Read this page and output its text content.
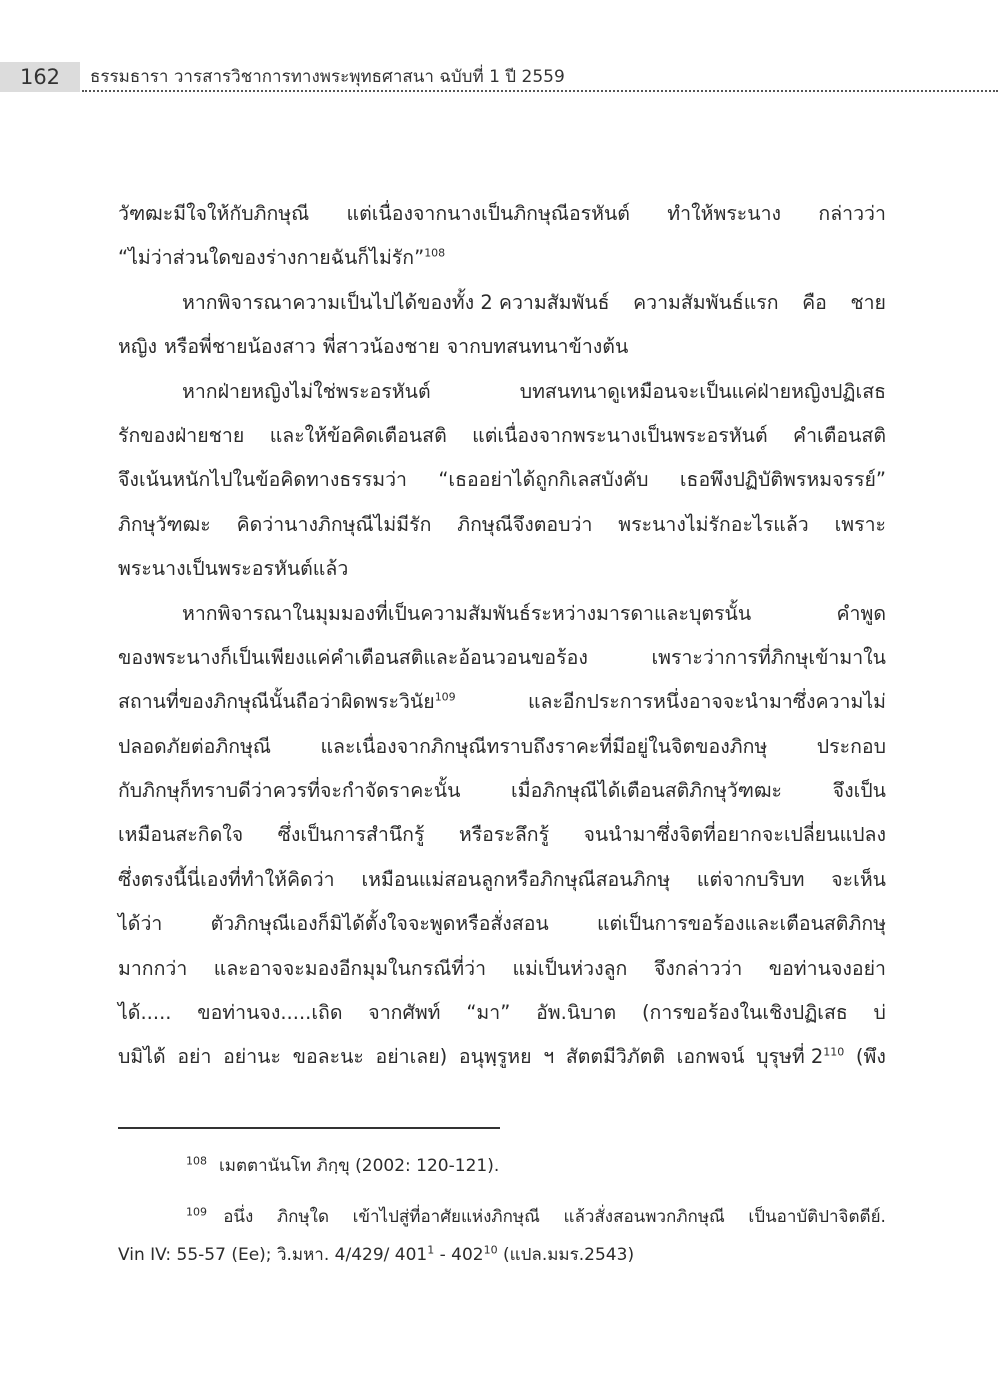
162	ธรรมธารา วารสารวิชาการทางพระพุทธศาสนา ฉบับที่ 1 ปี 2559
วัฑฒะมีใจให้กับภิกษุณี แต่เนื่องจากนางเป็นภิกษุณีอรหันต์ ทำให้พระนาง กล่าวว่า
“ไม่ว่าส่วนใดของร่างกายฉันก็ไม่รัก”$^{108}$
หากพิจารณาความเป็นไปได้ของทั้ง 2 ความสัมพันธ์ ความสัมพันธ์แรก คือ ชาย
หญิง หรือพี่ชายน้องสาว พี่สาวน้องชาย จากบทสนทนาข้างต้น
หากฝ่ายหญิงไม่ใช่พระอรหันต์	บทสนทนาดูเหมือนจะเป็นแค่ฝ่ายหญิงปฏิเสธ
รักของฝ่ายชาย และให้ข้อคิดเตือนสติ แต่เนื่องจากพระนางเป็นพระอรหันต์ คำเตือนสติ
จึงเน้นหนักไปในข้อคิดทางธรรมว่า “เธออย่าได้ถูกกิเลสบังคับ เธอพึงปฏิบัติพรหมจรรย์”
ภิกษุวัฑฒะ คิดว่านางภิกษุณีไม่มีรัก ภิกษุณีจึงตอบว่า พระนางไม่รักอะไรแล้ว เพราะ
พระนางเป็นพระอรหันต์แล้ว
หากพิจารณาในมุมมองที่เป็นความสัมพันธ์ระหว่างมารดาและบุตรนั้น	คำพูด
ของพระนางก็เป็นเพียงแค่คำเตือนสติและอ้อนวอนขอร้อง	เพราะว่าการที่ภิกษุเข้ามาใน
สถานที่ของภิกษุณีนั้นถือว่าผิดพระวินัย$^{109}$	และอีกประการหนึ่งอาจจะนำมาซึ่งความไม่
ปลอดภัยต่อภิกษุณี	และเนื่องจากภิกษุณีทราบถึงราคะที่มีอยู่ในจิตของภิกษุ	ประกอบ
กับภิกษุก็ทราบดีว่าควรที่จะกำจัดราคะนั้น	เมื่อภิกษุณีได้เตือนสติภิกษุวัฑฒะ	จึงเป็น
เหมือนสะกิดใจ ซึ่งเป็นการสำนึกรู้ หรือระลึกรู้ จนนำมาซึ่งจิตที่อยากจะเปลี่ยนแปลง
ซึ่งตรงนี้นี่เองที่ทำให้คิดว่า เหมือนแม่สอนลูกหรือภิกษุณีสอนภิกษุ แต่จากบริบท จะเห็น
ได้ว่า ตัวภิกษุณีเองก็มิได้ตั้งใจจะพูดหรือสั่งสอน แต่เป็นการขอร้องและเตือนสติภิกษุ
มากกว่า และอาจจะมองอีกมุมในกรณีที่ว่า แม่เป็นห่วงลูก จึงกล่าวว่า ขอท่านจงอย่า
ได้..... ขอท่านจง.....เถิด จากศัพท์ “มา” อัพ.นิบาต (การขอร้องในเชิงปฏิเสธ บ่
บมิได้ อย่า อย่านะ ขอละนะ อย่าเลย) อนุพฺรูหย ฯ สัตตมีวิภัตติ เอกพจน์ บุรุษที่ $2^{110}$ (พึง
$^{108}$ เมตตานันโท ภิกฺขุ (2002: 120-121).
$^{109}$ อนึ่ง ภิกษุใด เข้าไปสู่ที่อาศัยแห่งภิกษุณี แล้วสั่งสอนพวกภิกษุณี เป็นอาบัติปาจิตตีย์.
Vin IV: 55-57 (Ee); วิ.มหา. 4/429/ $401^1 - 402^{10}$ (แปล.มมร.2543)
